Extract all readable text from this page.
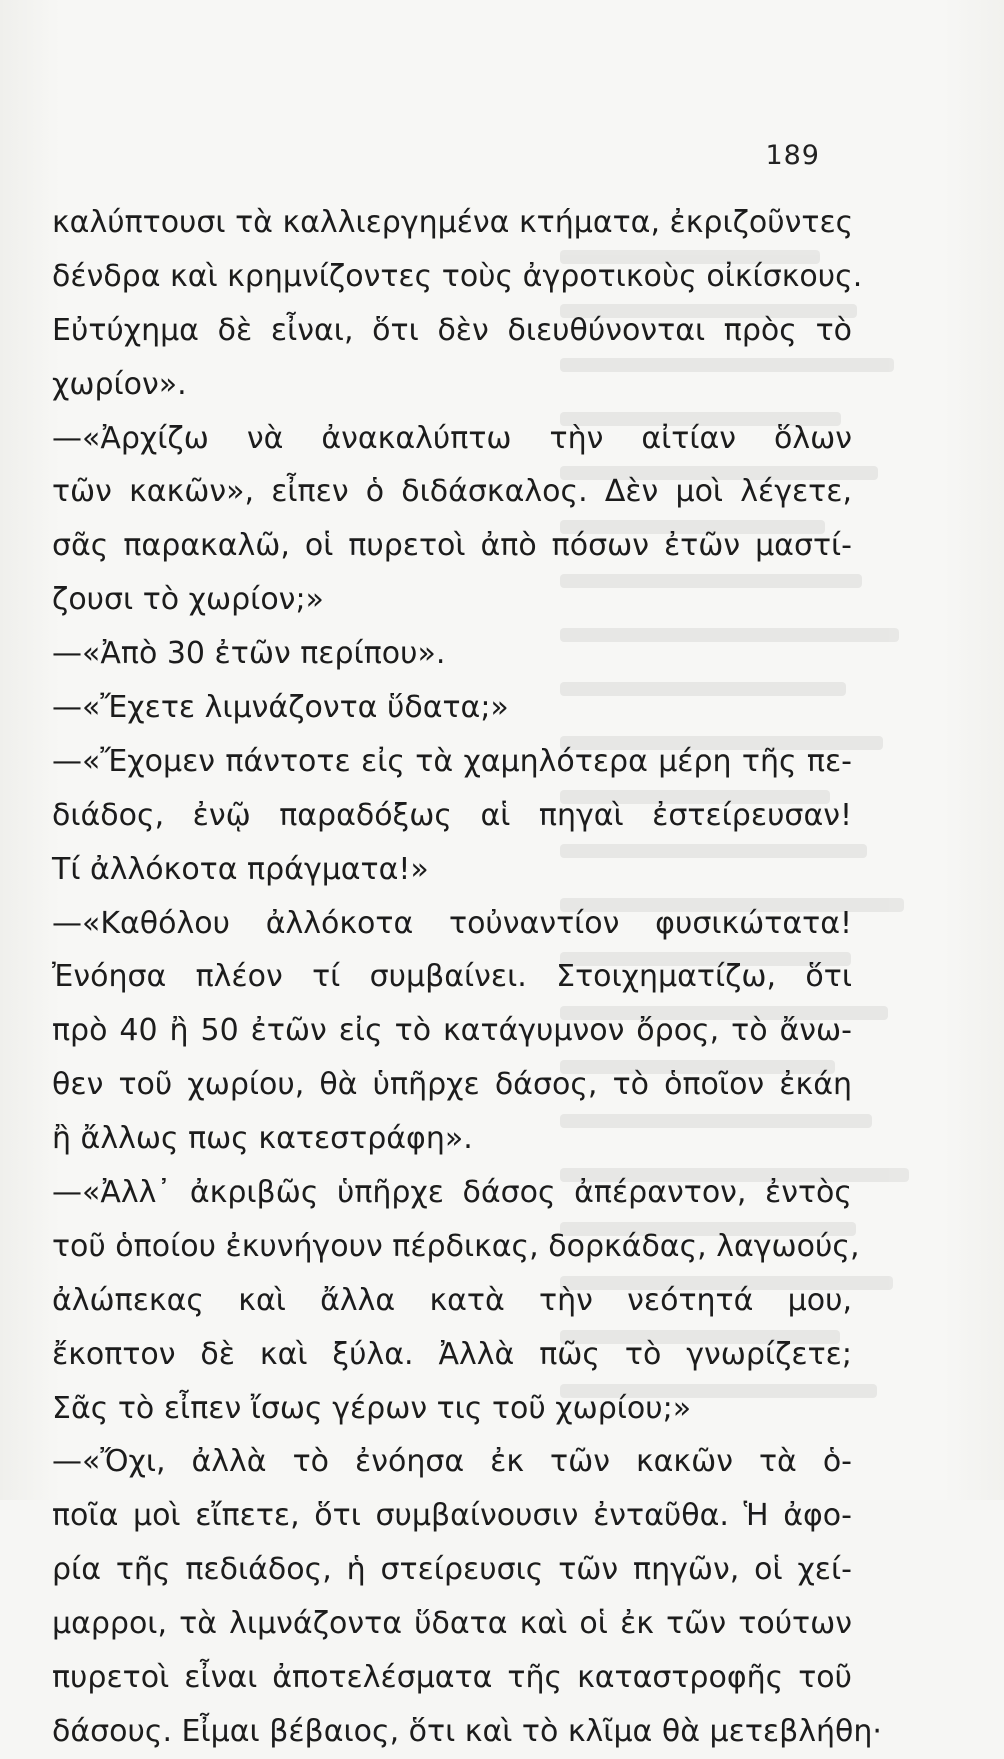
189
καλύπτουσι τὰ καλλιεργημένα κτήματα, ἐκριζοῦντες
δένδρα καὶ κρημνίζοντες τοὺς ἀγροτικοὺς οἰκίσκους.
Εὐτύχημα δὲ εἶναι, ὅτι δὲν διευθύνονται πρὸς τὸ
χωρίον».
—«Ἀρχίζω νὰ ἀνακαλύπτω τὴν αἰτίαν ὅλων
τῶν κακῶν», εἶπεν ὁ διδάσκαλος. Δὲν μοὶ λέγετε,
σᾶς παρακαλῶ, οἱ πυρετοὶ ἀπὸ πόσων ἐτῶν μαστί-
ζουσι τὸ χωρίον;»
—«Ἀπὸ 30 ἐτῶν περίπου».
—«Ἔχετε λιμνάζοντα ὕδατα;»
—«Ἔχομεν πάντοτε εἰς τὰ χαμηλότερα μέρη τῆς πε-
διάδος, ἐνῷ παραδόξως αἱ πηγαὶ ἐστείρευσαν!
Τί ἀλλόκοτα πράγματα!»
—«Καθόλου ἀλλόκοτα τοὐναντίον φυσικώτατα!
Ἐνόησα πλέον τί συμβαίνει. Στοιχηματίζω, ὅτι
πρὸ 40 ἢ 50 ἐτῶν εἰς τὸ κατάγυμνον ὄρος, τὸ ἄνω-
θεν τοῦ χωρίου, θὰ ὑπῆρχε δάσος, τὸ ὁποῖον ἐκάη
ἢ ἄλλως πως κατεστράφη».
—«Ἀλλ᾽ ἀκριβῶς ὑπῆρχε δάσος ἀπέραντον, ἐντὸς
τοῦ ὁποίου ἐκυνήγουν πέρδικας, δορκάδας, λαγωούς,
ἀλώπεκας καὶ ἄλλα κατὰ τὴν νεότητά μου,
ἔκοπτον δὲ καὶ ξύλα. Ἀλλὰ πῶς τὸ γνωρίζετε;
Σᾶς τὸ εἶπεν ἴσως γέρων τις τοῦ χωρίου;»
—«Ὄχι, ἀλλὰ τὸ ἐνόησα ἐκ τῶν κακῶν τὰ ὁ-
ποῖα μοὶ εἴπετε, ὅτι συμβαίνουσιν ἐνταῦθα. Ἡ ἀφο-
ρία τῆς πεδιάδος, ἡ στείρευσις τῶν πηγῶν, οἱ χεί-
μαρροι, τὰ λιμνάζοντα ὕδατα καὶ οἱ ἐκ τῶν τούτων
πυρετοὶ εἶναι ἀποτελέσματα τῆς καταστροφῆς τοῦ
δάσους. Εἶμαι βέβαιος, ὅτι καὶ τὸ κλῖμα θὰ μετεβλήθη·
